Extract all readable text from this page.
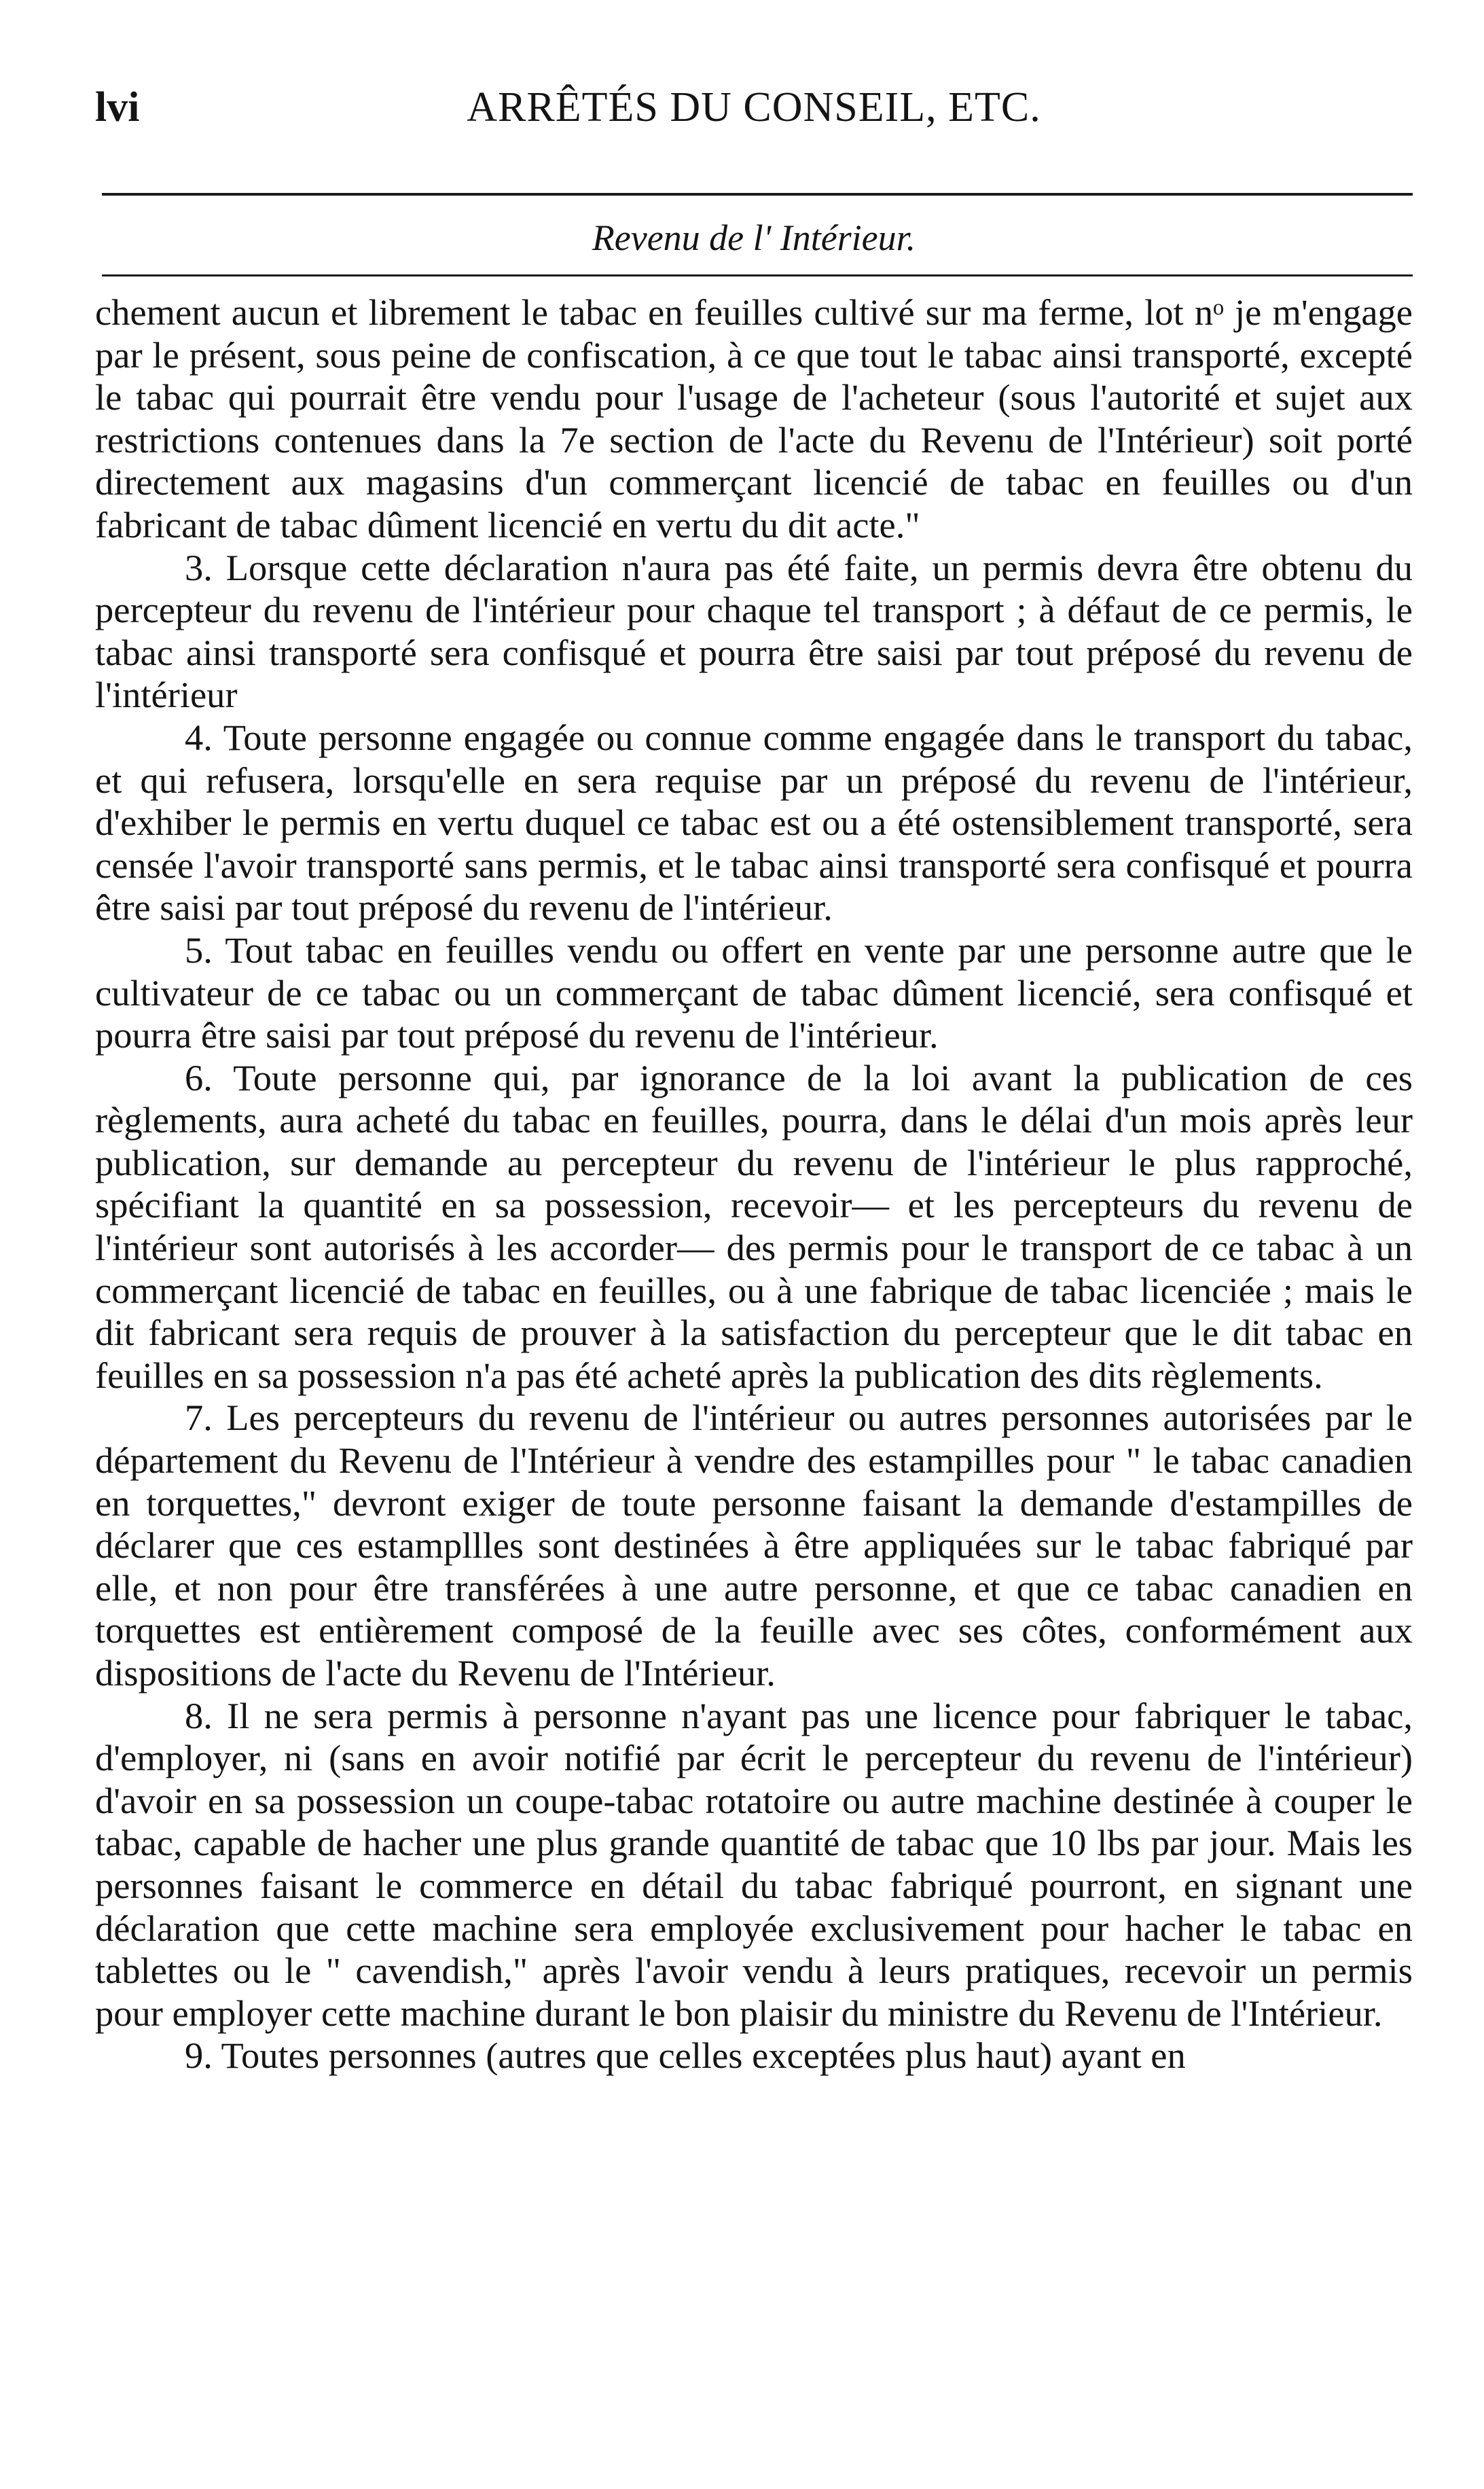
lvi	ARRÊTÉS DU CONSEIL, ETC.
Revenu de l' Intérieur.

chement aucun et librement le tabac en feuilles cultivé sur ma ferme, lot nᵒ je m'engage par le présent, sous peine de confiscation, à ce que tout le tabac ainsi transporté, excepté le tabac qui pourrait être vendu pour l'usage de l'acheteur (sous l'autorité et sujet aux restrictions contenues dans la 7e section de l'acte du Revenu de l'Intérieur) soit porté directement aux magasins d'un commerçant licencié de tabac en feuilles ou d'un fabricant de tabac dûment licencié en vertu du dit acte."

3. Lorsque cette déclaration n'aura pas été faite, un permis devra être obtenu du percepteur du revenu de l'intérieur pour chaque tel transport ; à défaut de ce permis, le tabac ainsi transporté sera confisqué et pourra être saisi par tout préposé du revenu de l'intérieur

4. Toute personne engagée ou connue comme engagée dans le transport du tabac, et qui refusera, lorsqu'elle en sera requise par un préposé du revenu de l'intérieur, d'exhiber le permis en vertu duquel ce tabac est ou a été ostensiblement transporté, sera censée l'avoir transporté sans permis, et le tabac ainsi transporté sera confisqué et pourra être saisi par tout préposé du revenu de l'intérieur.

5. Tout tabac en feuilles vendu ou offert en vente par une personne autre que le cultivateur de ce tabac ou un commerçant de tabac dûment licencié, sera confisqué et pourra être saisi par tout préposé du revenu de l'intérieur.

6. Toute personne qui, par ignorance de la loi avant la publication de ces règlements, aura acheté du tabac en feuilles, pourra, dans le délai d'un mois après leur publication, sur demande au percepteur du revenu de l'intérieur le plus rapproché, spécifiant la quantité en sa possession, recevoir— et les percepteurs du revenu de l'intérieur sont autorisés à les accorder— des permis pour le transport de ce tabac à un commerçant licencié de tabac en feuilles, ou à une fabrique de tabac licenciée ; mais le dit fabricant sera requis de prouver à la satisfaction du percepteur que le dit tabac en feuilles en sa possession n'a pas été acheté après la publication des dits règlements.

7. Les percepteurs du revenu de l'intérieur ou autres personnes autorisées par le département du Revenu de l'Intérieur à vendre des estampilles pour " le tabac canadien en torquettes," devront exiger de toute personne faisant la demande d'estampilles de déclarer que ces estampllles sont destinées à être appliquées sur le tabac fabriqué par elle, et non pour être transférées à une autre personne, et que ce tabac canadien en torquettes est entièrement composé de la feuille avec ses côtes, conformément aux dispositions de l'acte du Revenu de l'Intérieur.

8. Il ne sera permis à personne n'ayant pas une licence pour fabriquer le tabac, d'employer, ni (sans en avoir notifié par écrit le percepteur du revenu de l'intérieur) d'avoir en sa possession un coupe-tabac rotatoire ou autre machine destinée à couper le tabac, capable de hacher une plus grande quantité de tabac que 10 lbs par jour. Mais les personnes faisant le commerce en détail du tabac fabriqué pourront, en signant une déclaration que cette machine sera employée exclusivement pour hacher le tabac en tablettes ou le " cavendish," après l'avoir vendu à leurs pratiques, recevoir un permis pour employer cette machine durant le bon plaisir du ministre du Revenu de l'Intérieur.

9. Toutes personnes (autres que celles exceptées plus haut) ayant en
